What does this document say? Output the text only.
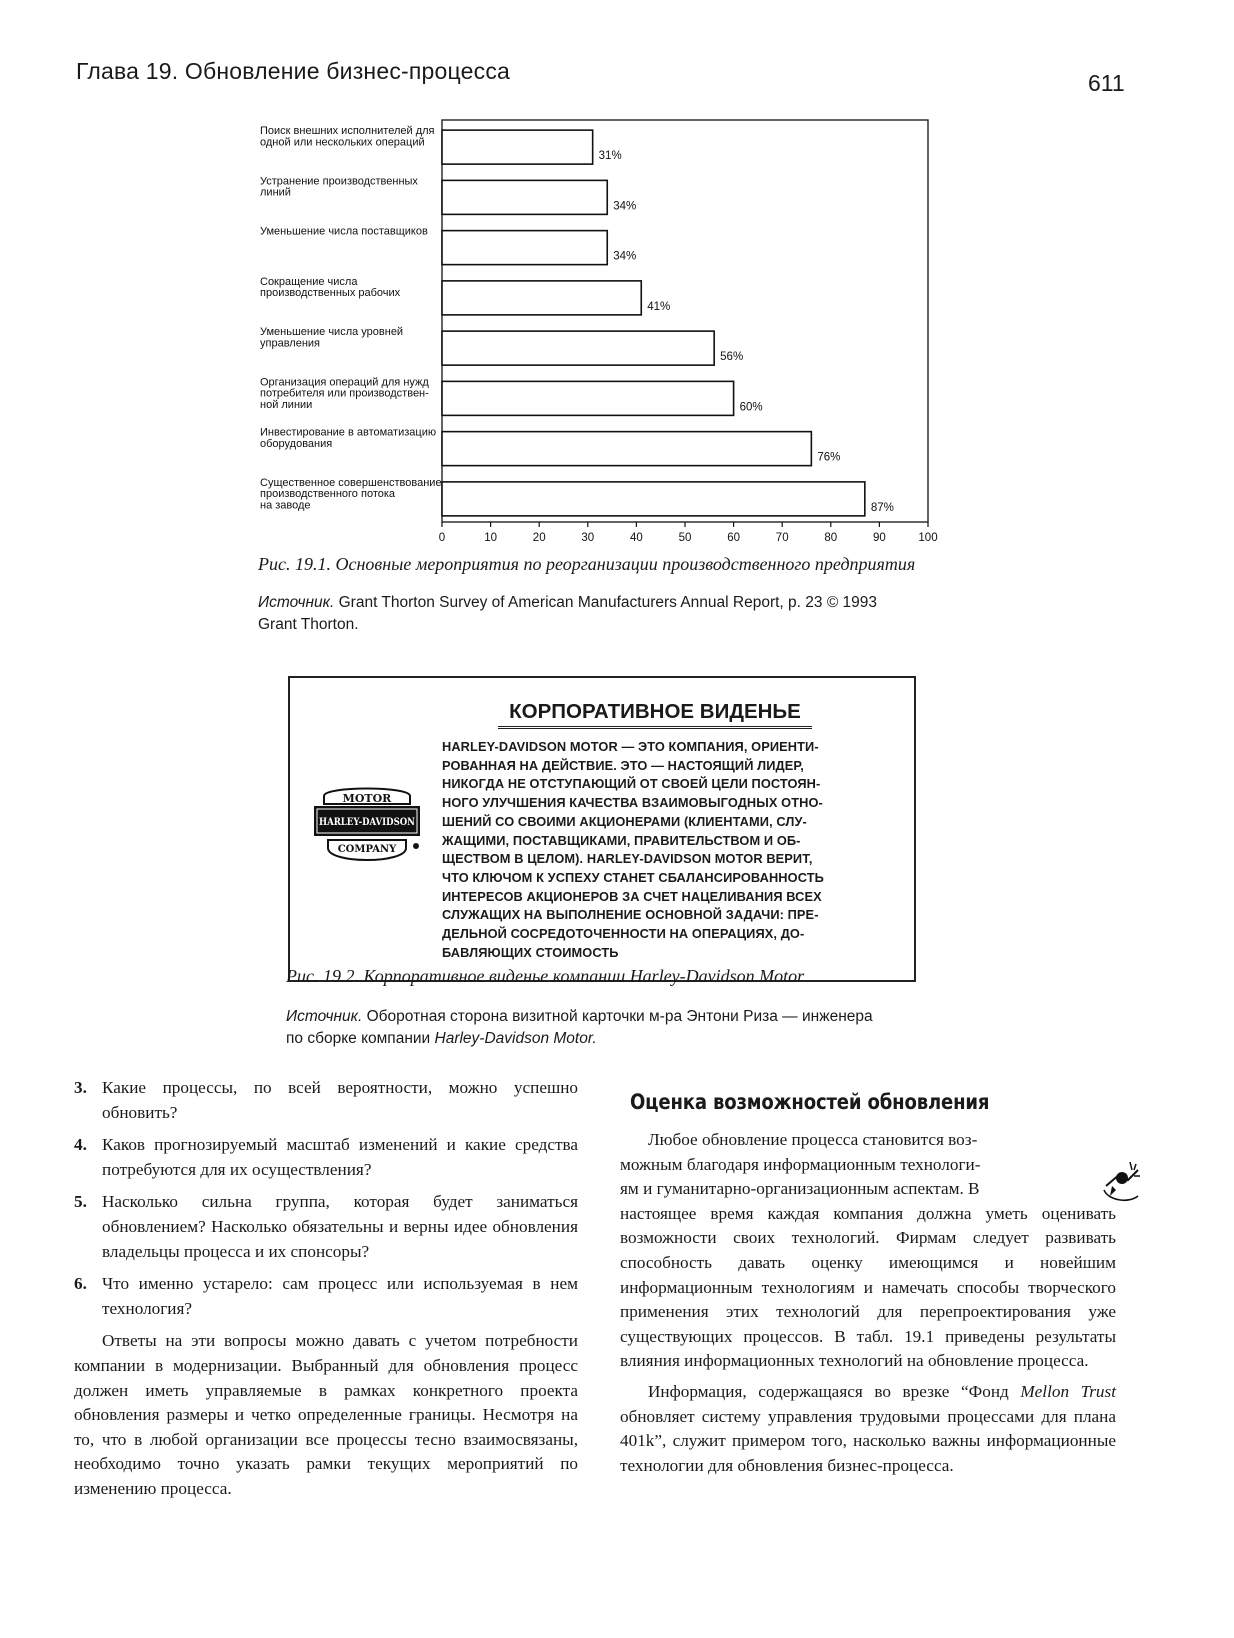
Глава 19. Обновление бизнес-процесса	611
Поиск внешних исполнителей для
одной или нескольких операций
Устранение производственных
линий
Уменьшение числа поставщиков
Сокращение числа
производственных рабочих
Уменьшение числа уровней
управления
Организация операций для нужд
потребителя или производствен-
ной линии
Инвестирование в автоматизацию
оборудования
Существенное совершенствование
производственного потока
на заводе
31%
34%
34%
41%
56%
60%
76%
87%
0	10	20	30	40	50	60	70	80	90	100
Рис. 19.1. Основные мероприятия по реорганизации производственного предприятия
Источник. Grant Thorton Survey of American Manufacturers Annual Report, p. 23 © 1993
Grant Thorton.
КОРПОРАТИВНОЕ ВИДЕНЬЕ
MOTOR
HARLEY-DAVIDSON
COMPANY
HARLEY-DAVIDSON MOTOR — ЭТО КОМПАНИЯ, ОРИЕНТИ-
РОВАННАЯ НА ДЕЙСТВИЕ. ЭТО — НАСТОЯЩИЙ ЛИДЕР,
НИКОГДА НЕ ОТСТУПАЮЩИЙ ОТ СВОЕЙ ЦЕЛИ ПОСТОЯН-
НОГО УЛУЧШЕНИЯ КАЧЕСТВА ВЗАИМОВЫГОДНЫХ ОТНО-
ШЕНИЙ СО СВОИМИ АКЦИОНЕРАМИ (КЛИЕНТАМИ, СЛУ-
ЖАЩИМИ, ПОСТАВЩИКАМИ, ПРАВИТЕЛЬСТВОМ И ОБ-
ЩЕСТВОМ В ЦЕЛОМ). HARLEY-DAVIDSON MOTOR ВЕРИТ,
ЧТО КЛЮЧОМ К УСПЕХУ СТАНЕТ СБАЛАНСИРОВАННОСТЬ
ИНТЕРЕСОВ АКЦИОНЕРОВ ЗА СЧЕТ НАЦЕЛИВАНИЯ ВСЕХ
СЛУЖАЩИХ НА ВЫПОЛНЕНИЕ ОСНОВНОЙ ЗАДАЧИ: ПРЕ-
ДЕЛЬНОЙ СОСРЕДОТОЧЕННОСТИ НА ОПЕРАЦИЯХ, ДО-
БАВЛЯЮЩИХ СТОИМОСТЬ
Рис. 19.2. Корпоративное виденье компании Harley-Davidson Motor
Источник. Оборотная сторона визитной карточки м-ра Энтони Риза — инженера
по сборке компании Harley-Davidson Motor.
3. Какие процессы, по всей вероятности, можно успешно обновить?
4. Каков прогнозируемый масштаб изменений и какие средства потребуются для их осуществления?
5. Насколько сильна группа, которая будет заниматься обновлением? Насколько обязательны и верны идее обновления владельцы процесса и их спонсоры?
6. Что именно устарело: сам процесс или используемая в нем технология?

Ответы на эти вопросы можно давать с учетом потребности компании в модернизации. Выбранный для обновления процесс должен иметь управляемые в рамках конкретного проекта обновления размеры и четко определенные границы. Несмотря на то, что в любой организации все процессы тесно взаимосвязаны, необходимо точно указать рамки текущих мероприятий по изменению процесса.

Оценка возможностей обновления
Любое обновление процесса становится воз-
можным благодаря информационным технологи-
ям и гуманитарно-организационным аспектам. В

настоящее время каждая компания должна уметь оценивать возможности своих технологий. Фирмам следует развивать способность давать оценку имеющимся и новейшим информационным технологиям и намечать способы творческого применения этих технологий для перепроектирования уже существующих процессов. В табл. 19.1 приведены результаты влияния информационных технологий на обновление процесса.

Информация, содержащаяся во врезке “Фонд Mellon Trust обновляет систему управления трудовыми процессами для плана 401k”, служит примером того, насколько важны информационные технологии для обновления бизнес-процесса.
